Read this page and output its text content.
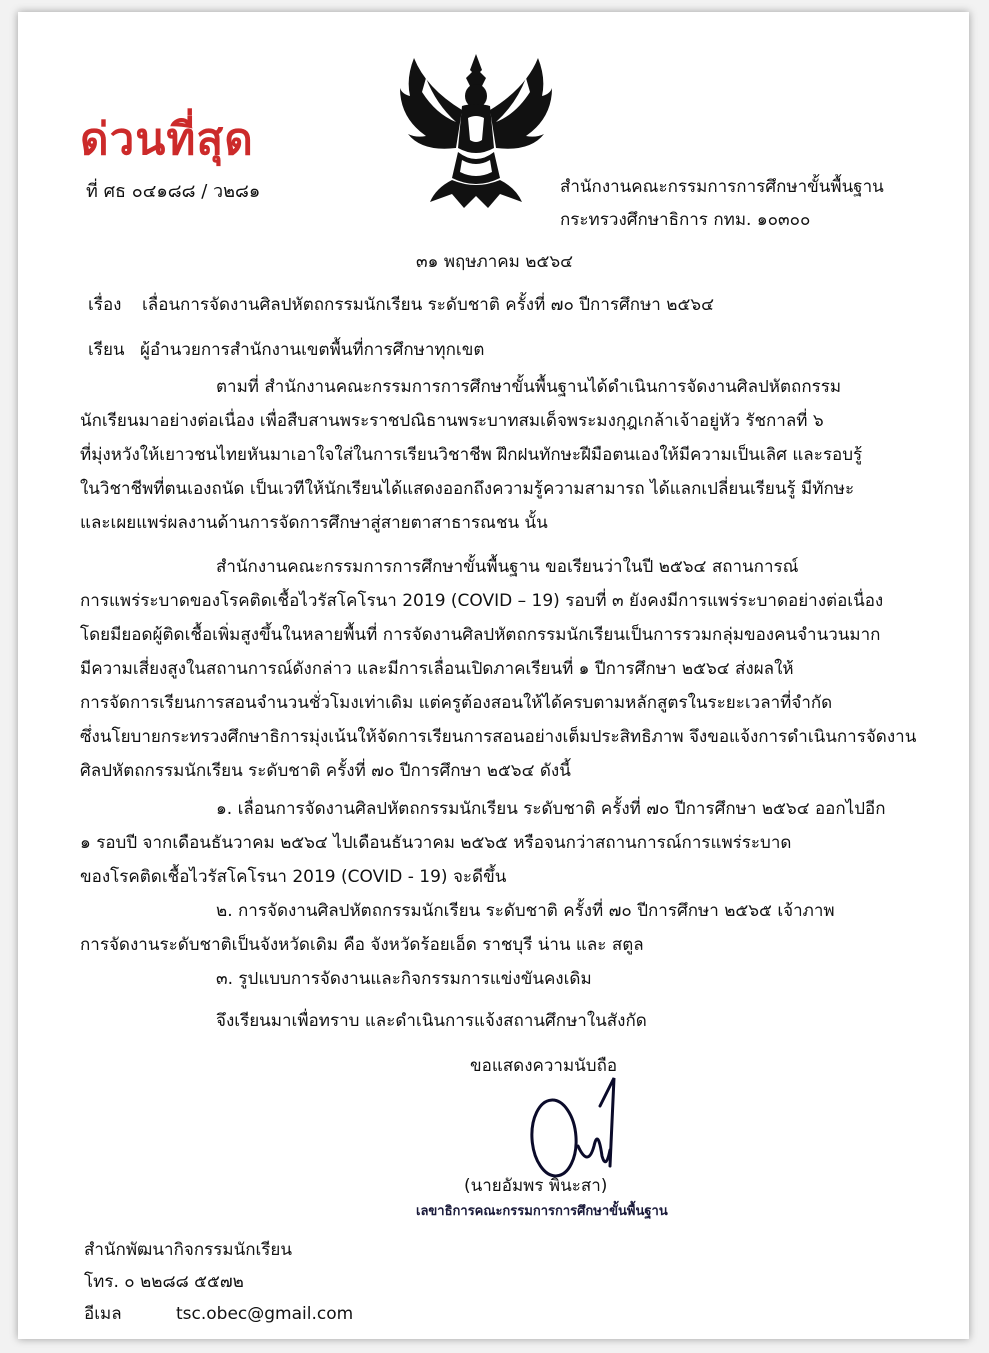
ด่วนที่สุด
ที่ ศธ ๐๔๑๘๘ / ว๒๘๑	สำนักงานคณะกรรมการการศึกษาขั้นพื้นฐาน
กระทรวงศึกษาธิการ กทม. ๑๐๓๐๐
๓๑ พฤษภาคม ๒๕๖๔
เรื่อง เลื่อนการจัดงานศิลปหัตถกรรมนักเรียน ระดับชาติ ครั้งที่ ๗๐ ปีการศึกษา ๒๕๖๔
เรียน ผู้อำนวยการสำนักงานเขตพื้นที่การศึกษาทุกเขต
ตามที่ สำนักงานคณะกรรมการการศึกษาขั้นพื้นฐานได้ดำเนินการจัดงานศิลปหัตถกรรม
นักเรียนมาอย่างต่อเนื่อง เพื่อสืบสานพระราชปณิธานพระบาทสมเด็จพระมงกุฎเกล้าเจ้าอยู่หัว รัชกาลที่ ๖
ที่มุ่งหวังให้เยาวชนไทยหันมาเอาใจใส่ในการเรียนวิชาชีพ ฝึกฝนทักษะฝีมือตนเองให้มีความเป็นเลิศ และรอบรู้
ในวิชาชีพที่ตนเองถนัด เป็นเวทีให้นักเรียนได้แสดงออกถึงความรู้ความสามารถ ได้แลกเปลี่ยนเรียนรู้ มีทักษะ
และเผยแพร่ผลงานด้านการจัดการศึกษาสู่สายตาสาธารณชน นั้น
สำนักงานคณะกรรมการการศึกษาขั้นพื้นฐาน ขอเรียนว่าในปี ๒๕๖๔ สถานการณ์
การแพร่ระบาดของโรคติดเชื้อไวรัสโคโรนา 2019 (COVID – 19) รอบที่ ๓ ยังคงมีการแพร่ระบาดอย่างต่อเนื่อง
โดยมียอดผู้ติดเชื้อเพิ่มสูงขึ้นในหลายพื้นที่ การจัดงานศิลปหัตถกรรมนักเรียนเป็นการรวมกลุ่มของคนจำนวนมาก
มีความเสี่ยงสูงในสถานการณ์ดังกล่าว และมีการเลื่อนเปิดภาคเรียนที่ ๑ ปีการศึกษา ๒๕๖๔ ส่งผลให้
การจัดการเรียนการสอนจำนวนชั่วโมงเท่าเดิม แต่ครูต้องสอนให้ได้ครบตามหลักสูตรในระยะเวลาที่จำกัด
ซึ่งนโยบายกระทรวงศึกษาธิการมุ่งเน้นให้จัดการเรียนการสอนอย่างเต็มประสิทธิภาพ จึงขอแจ้งการดำเนินการจัดงาน
ศิลปหัตถกรรมนักเรียน ระดับชาติ ครั้งที่ ๗๐ ปีการศึกษา ๒๕๖๔ ดังนี้
๑. เลื่อนการจัดงานศิลปหัตถกรรมนักเรียน ระดับชาติ ครั้งที่ ๗๐ ปีการศึกษา ๒๕๖๔ ออกไปอีก
๑ รอบปี จากเดือนธันวาคม ๒๕๖๔ ไปเดือนธันวาคม ๒๕๖๕ หรือจนกว่าสถานการณ์การแพร่ระบาด
ของโรคติดเชื้อไวรัสโคโรนา 2019 (COVID - 19) จะดีขึ้น
๒. การจัดงานศิลปหัตถกรรมนักเรียน ระดับชาติ ครั้งที่ ๗๐ ปีการศึกษา ๒๕๖๕ เจ้าภาพ
การจัดงานระดับชาติเป็นจังหวัดเดิม คือ จังหวัดร้อยเอ็ด ราชบุรี น่าน และ สตูล
๓. รูปแบบการจัดงานและกิจกรรมการแข่งขันคงเดิม
จึงเรียนมาเพื่อทราบ และดำเนินการแจ้งสถานศึกษาในสังกัด
ขอแสดงความนับถือ
(นายอัมพร พินะสา)
เลขาธิการคณะกรรมการการศึกษาขั้นพื้นฐาน
สำนักพัฒนากิจกรรมนักเรียน
โทร. ๐ ๒๒๘๘ ๕๕๗๒
อีเมล	tsc.obec@gmail.com
